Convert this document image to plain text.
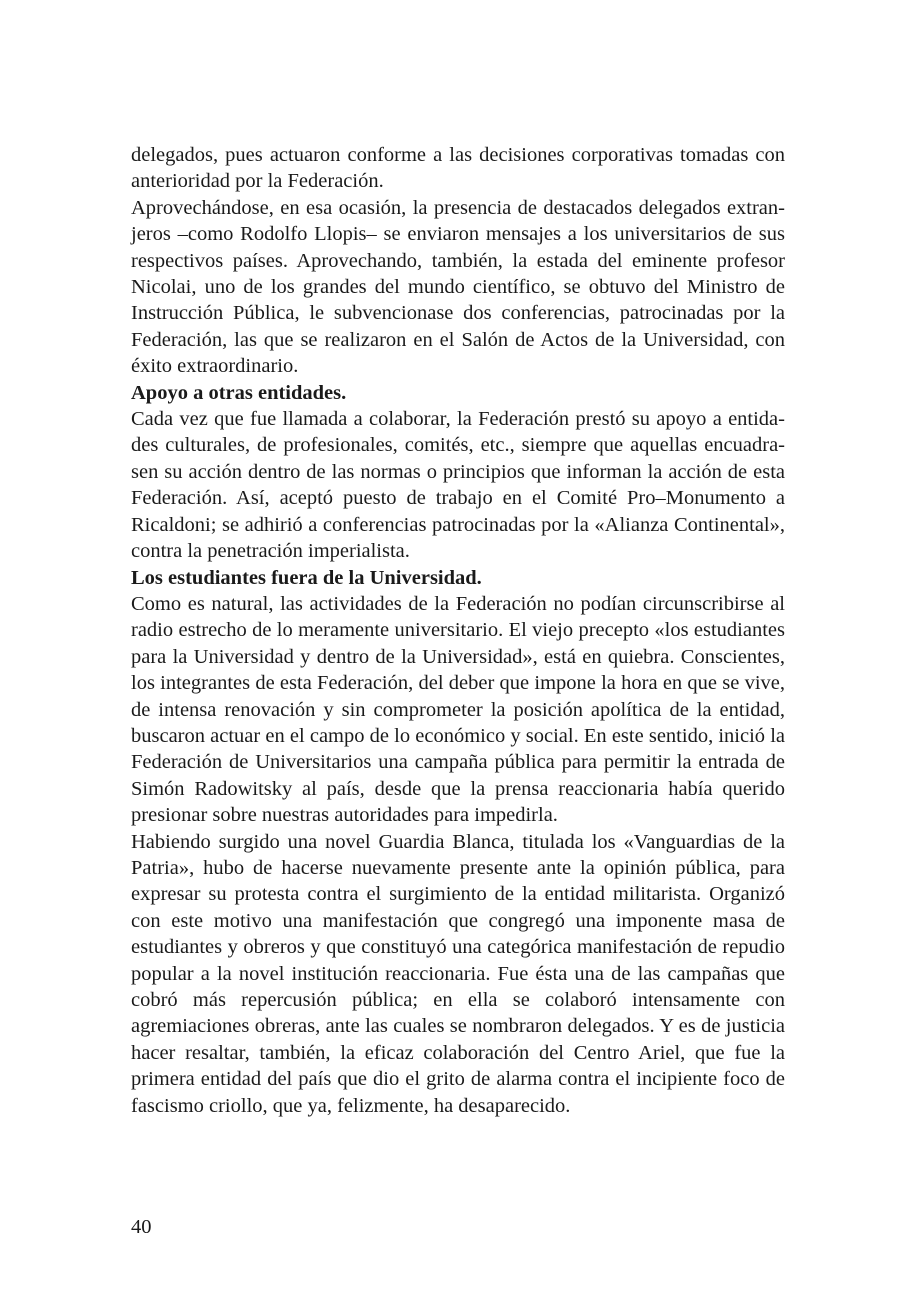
delegados, pues actuaron conforme a las decisiones corporativas tomadas con anterioridad por la Federación.

Aprovechándose, en esa ocasión, la presencia de destacados delegados extranjeros –como Rodolfo Llopis– se enviaron mensajes a los universitarios de sus respectivos países. Aprovechando, también, la estada del eminente profesor Nicolai, uno de los grandes del mundo científico, se obtuvo del Ministro de Instrucción Pública, le subvencionase dos conferencias, patrocinadas por la Federación, las que se realizaron en el Salón de Actos de la Universidad, con éxito extraordinario.

Apoyo a otras entidades.

Cada vez que fue llamada a colaborar, la Federación prestó su apoyo a entidades culturales, de profesionales, comités, etc., siempre que aquellas encuadrasen su acción dentro de las normas o principios que informan la acción de esta Federación. Así, aceptó puesto de trabajo en el Comité Pro–Monumento a Ricaldoni; se adhirió a conferencias patrocinadas por la «Alianza Continental», contra la penetración imperialista.

Los estudiantes fuera de la Universidad.

Como es natural, las actividades de la Federación no podían circunscribirse al radio estrecho de lo meramente universitario. El viejo precepto «los estudiantes para la Universidad y dentro de la Universidad», está en quiebra. Conscientes, los integrantes de esta Federación, del deber que impone la hora en que se vive, de intensa renovación y sin comprometer la posición apolítica de la entidad, buscaron actuar en el campo de lo económico y social. En este sentido, inició la Federación de Universitarios una campaña pública para permitir la entrada de Simón Radowitsky al país, desde que la prensa reaccionaria había querido presionar sobre nuestras autoridades para impedirla.

Habiendo surgido una novel Guardia Blanca, titulada los «Vanguardias de la Patria», hubo de hacerse nuevamente presente ante la opinión pública, para expresar su protesta contra el surgimiento de la entidad militarista. Organizó con este motivo una manifestación que congregó una imponente masa de estudiantes y obreros y que constituyó una categórica manifestación de repudio popular a la novel institución reaccionaria. Fue ésta una de las campañas que cobró más repercusión pública; en ella se colaboró intensamente con agremiaciones obreras, ante las cuales se nombraron delegados. Y es de justicia hacer resaltar, también, la eficaz colaboración del Centro Ariel, que fue la primera entidad del país que dio el grito de alarma contra el incipiente foco de fascismo criollo, que ya, felizmente, ha desaparecido.

40
